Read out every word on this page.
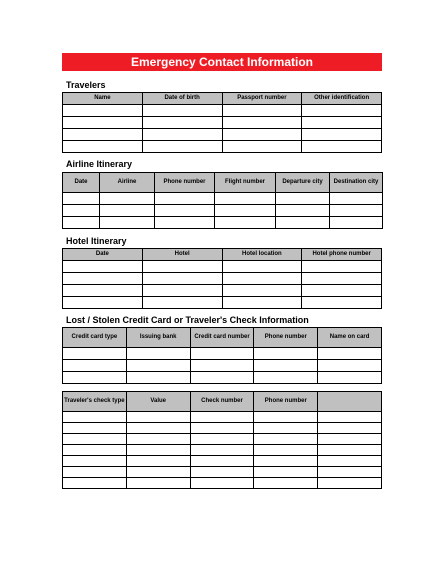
Emergency Contact Information
Travelers
Name	Date of birth	Passport number	Other identification

Airline Itinerary
Date	Airline	Phone number	Flight number	Departure city	Destination city

Hotel Itinerary
Date	Hotel	Hotel location	Hotel phone number

Lost / Stolen Credit Card or Traveler's Check Information
Credit card type	Issuing bank	Credit card number	Phone number	Name on card

Traveler's check type	Value	Check number	Phone number	
